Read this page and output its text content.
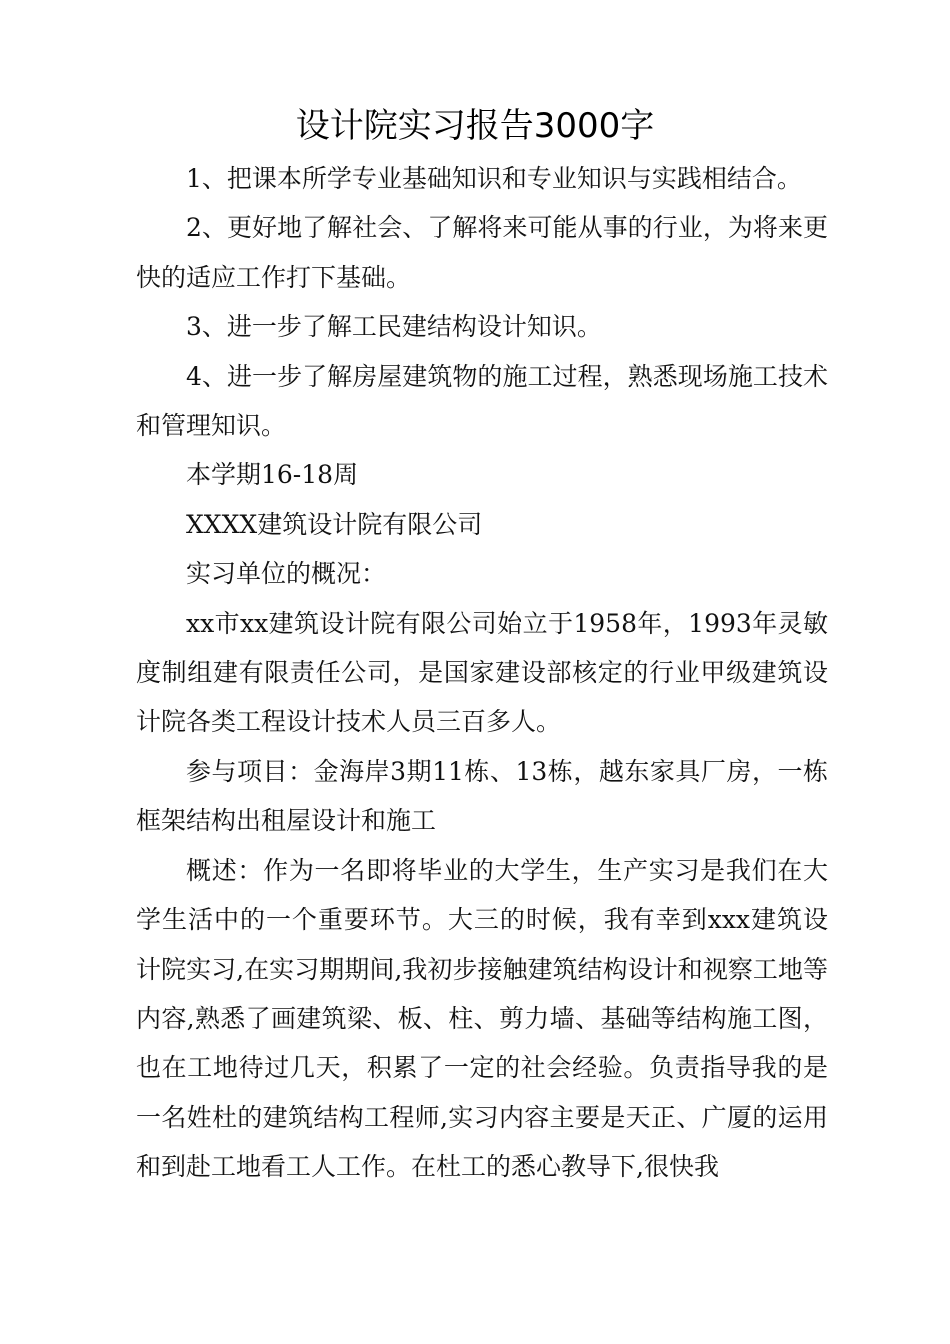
设计院实习报告3000字

1、把课本所学专业基础知识和专业知识与实践相结合。

2、更好地了解社会、了解将来可能从事的行业，为将来更快的适应工作打下基础。

3、进一步了解工民建结构设计知识。

4、进一步了解房屋建筑物的施工过程，熟悉现场施工技术和管理知识。

本学期16-18周

XXXX建筑设计院有限公司

实习单位的概况：

xx市xx建筑设计院有限公司始立于1958年，1993年灵敏度制组建有限责任公司，是国家建设部核定的行业甲级建筑设计院各类工程设计技术人员三百多人。

参与项目：金海岸3期11栋、13栋，越东家具厂房，一栋框架结构出租屋设计和施工

概述：作为一名即将毕业的大学生，生产实习是我们在大学生活中的一个重要环节。大三的时候，我有幸到xxx建筑设计院实习,在实习期期间,我初步接触建筑结构设计和视察工地等内容,熟悉了画建筑梁、板、柱、剪力墙、基础等结构施工图，也在工地待过几天，积累了一定的社会经验。负责指导我的是一名姓杜的建筑结构工程师,实习内容主要是天正、广厦的运用和到赴工地看工人工作。在杜工的悉心教导下,很快我
